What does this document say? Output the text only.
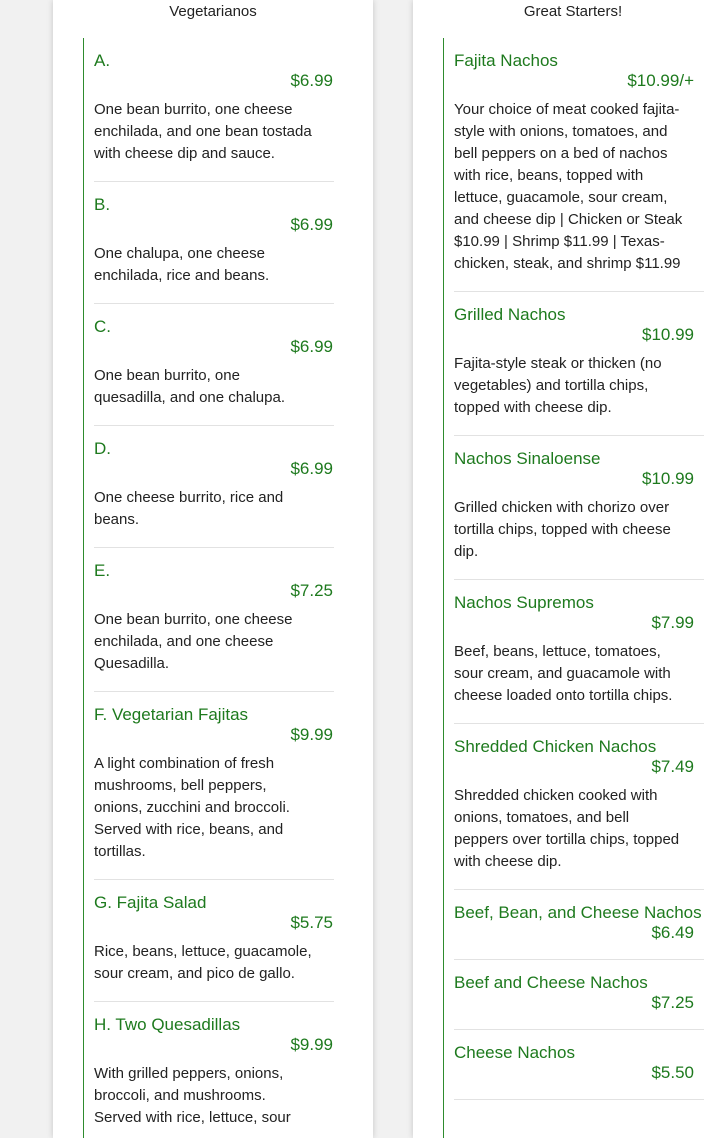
Vegetarianos
A.
$6.99
One bean burrito, one cheese enchilada, and one bean tostada with cheese dip and sauce.
B.
$6.99
One chalupa, one cheese enchilada, rice and beans.
C.
$6.99
One bean burrito, one quesadilla, and one chalupa.
D.
$6.99
One cheese burrito, rice and beans.
E.
$7.25
One bean burrito, one cheese enchilada, and one cheese Quesadilla.
F. Vegetarian Fajitas
$9.99
A light combination of fresh mushrooms, bell peppers, onions, zucchini and broccoli. Served with rice, beans, and tortillas.
G. Fajita Salad
$5.75
Rice, beans, lettuce, guacamole, sour cream, and pico de gallo.
H. Two Quesadillas
$9.99
With grilled peppers, onions, broccoli, and mushrooms. Served with rice, lettuce, sour
Great Starters!
Fajita Nachos
$10.99/+
Your choice of meat cooked fajita-style with onions, tomatoes, and bell peppers on a bed of nachos with rice, beans, topped with lettuce, guacamole, sour cream, and cheese dip | Chicken or Steak $10.99 | Shrimp $11.99 | Texas-chicken, steak, and shrimp $11.99
Grilled Nachos
$10.99
Fajita-style steak or thicken (no vegetables) and tortilla chips, topped with cheese dip.
Nachos Sinaloense
$10.99
Grilled chicken with chorizo over tortilla chips, topped with cheese dip.
Nachos Supremos
$7.99
Beef, beans, lettuce, tomatoes, sour cream, and guacamole with cheese loaded onto tortilla chips.
Shredded Chicken Nachos
$7.49
Shredded chicken cooked with onions, tomatoes, and bell peppers over tortilla chips, topped with cheese dip.
Beef, Bean, and Cheese Nachos
$6.49
Beef and Cheese Nachos
$7.25
Cheese Nachos
$5.50
